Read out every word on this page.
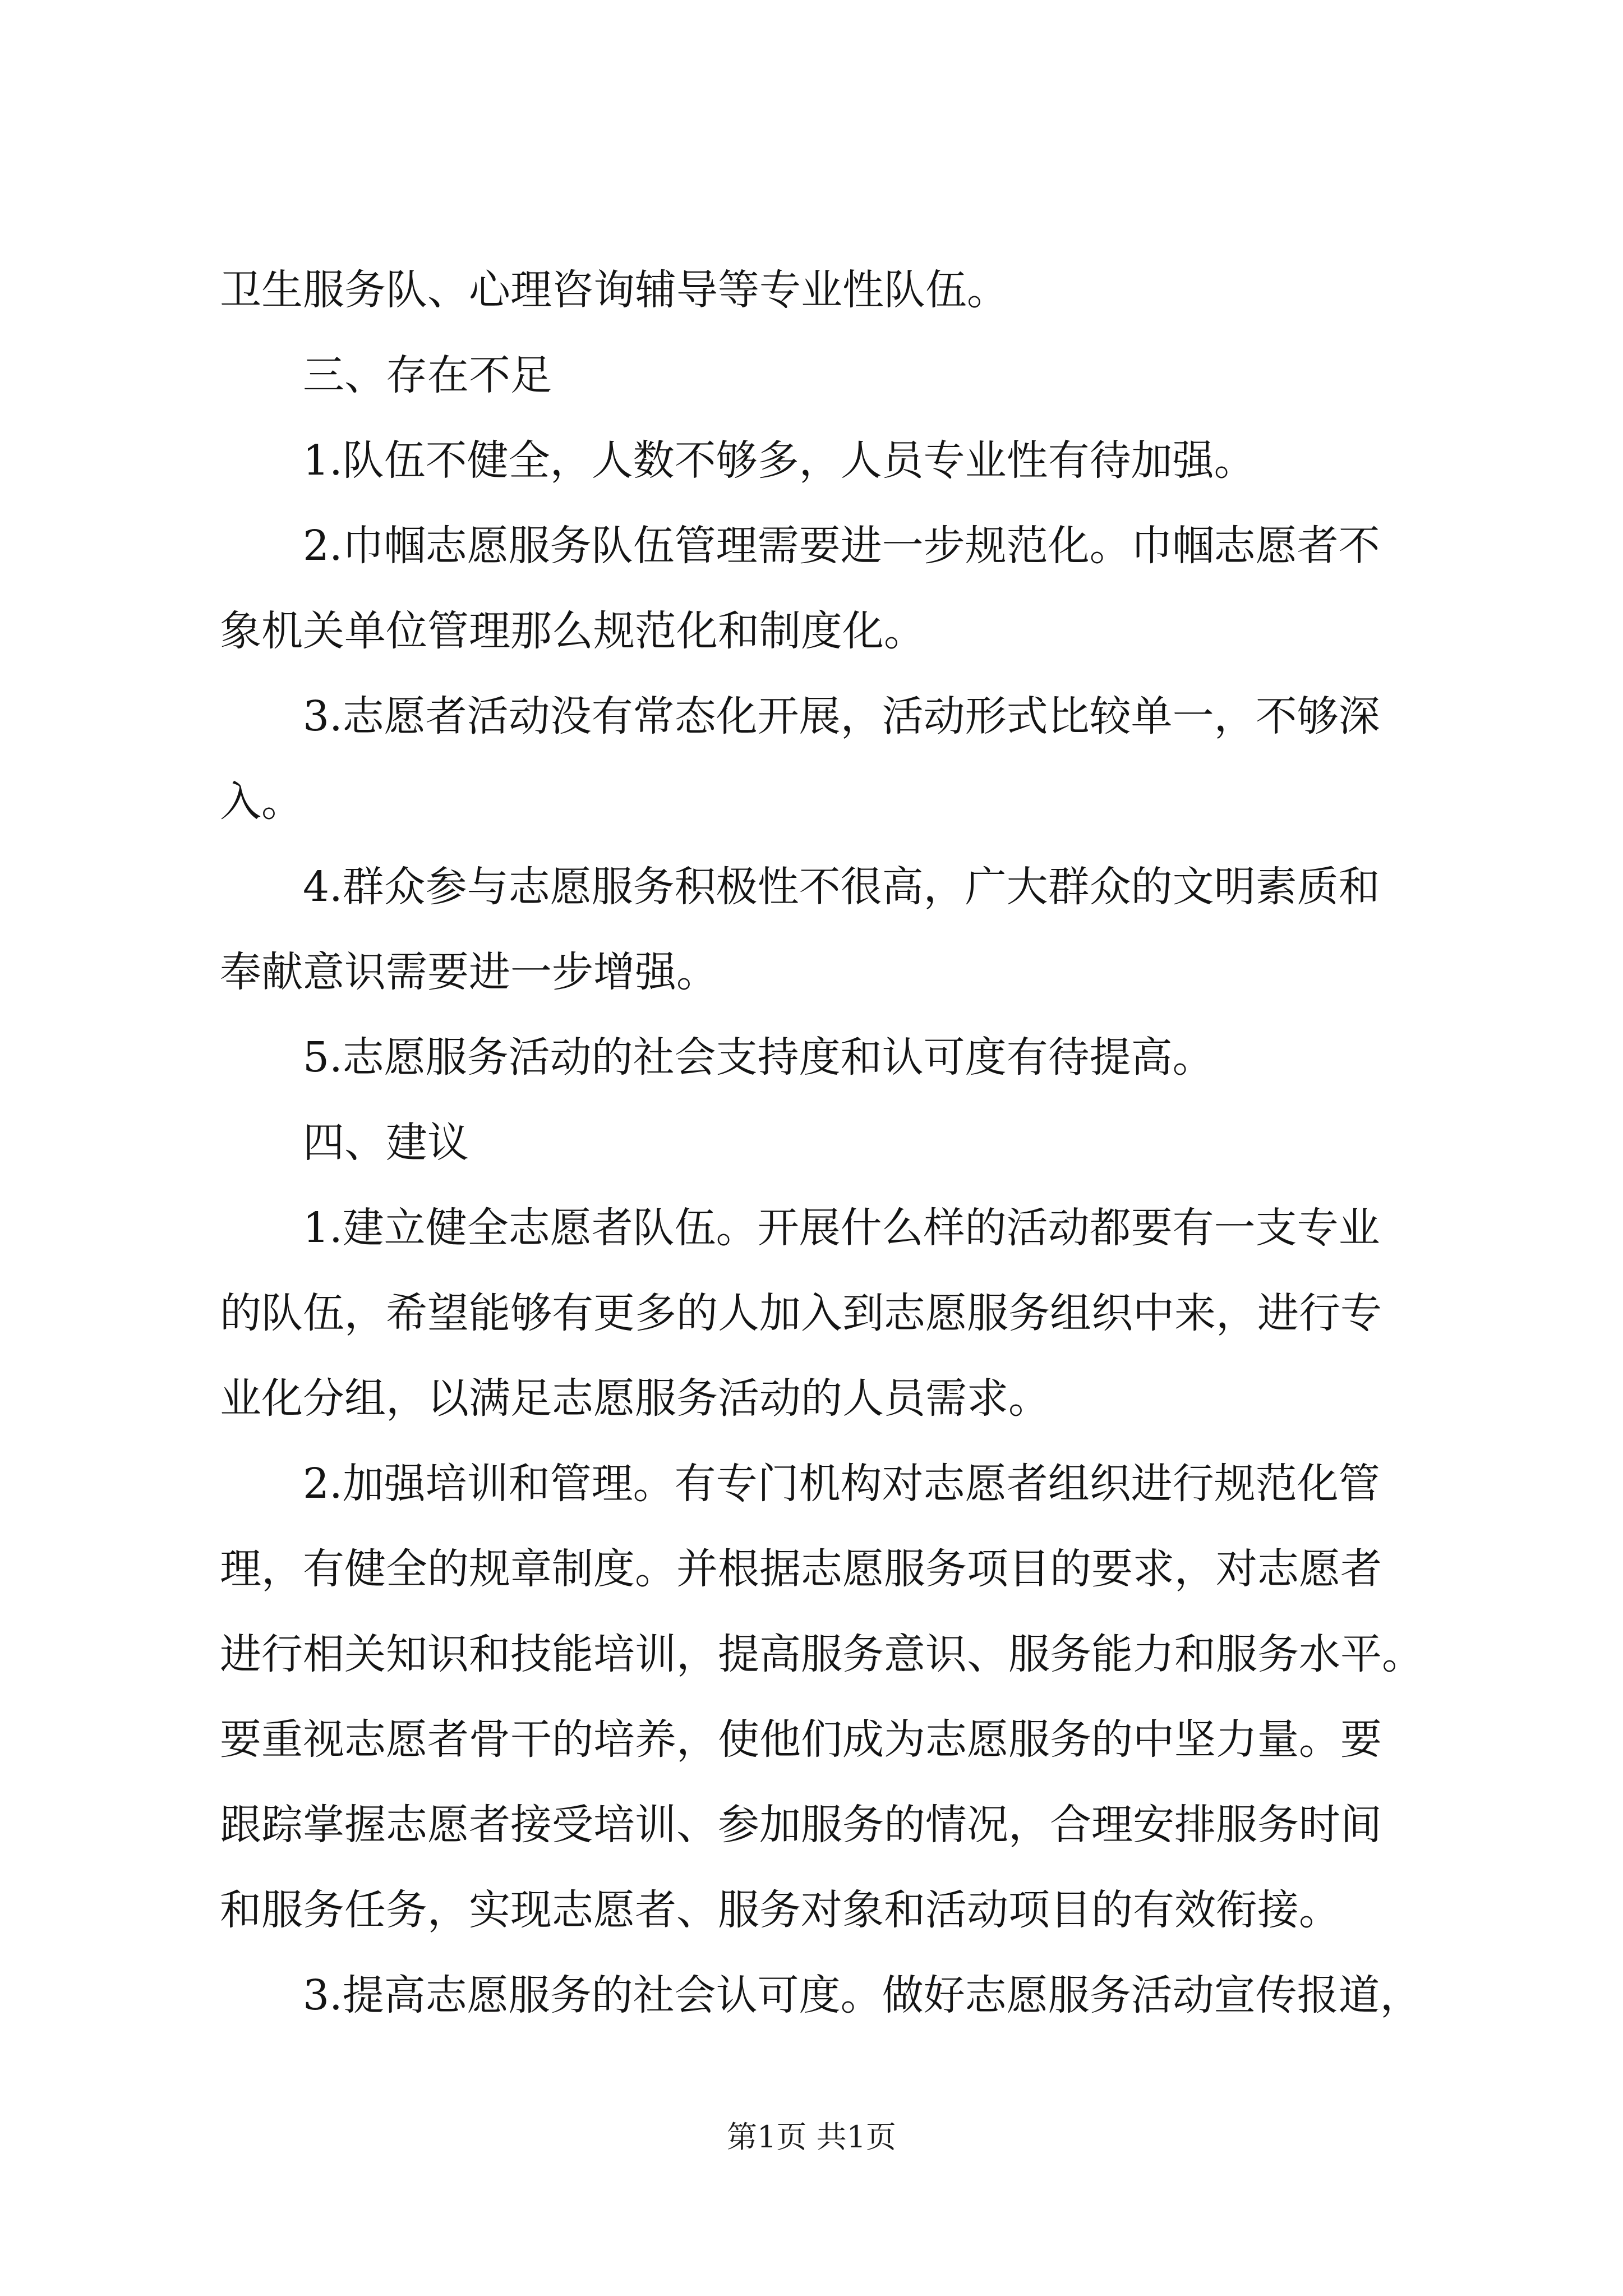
卫生服务队、心理咨询辅导等专业性队伍。
三、存在不足
1.队伍不健全，人数不够多，人员专业性有待加强。
2.巾帼志愿服务队伍管理需要进一步规范化。巾帼志愿者不
象机关单位管理那么规范化和制度化。
3.志愿者活动没有常态化开展，活动形式比较单一，不够深
入。
4.群众参与志愿服务积极性不很高，广大群众的文明素质和
奉献意识需要进一步增强。
5.志愿服务活动的社会支持度和认可度有待提高。
四、建议
1.建立健全志愿者队伍。开展什么样的活动都要有一支专业
的队伍，希望能够有更多的人加入到志愿服务组织中来，进行专
业化分组，以满足志愿服务活动的人员需求。
2.加强培训和管理。有专门机构对志愿者组织进行规范化管
理，有健全的规章制度。并根据志愿服务项目的要求，对志愿者
进行相关知识和技能培训，提高服务意识、服务能力和服务水平。
要重视志愿者骨干的培养，使他们成为志愿服务的中坚力量。要
跟踪掌握志愿者接受培训、参加服务的情况，合理安排服务时间
和服务任务，实现志愿者、服务对象和活动项目的有效衔接。
3.提高志愿服务的社会认可度。做好志愿服务活动宣传报道，
第1页 共1页
